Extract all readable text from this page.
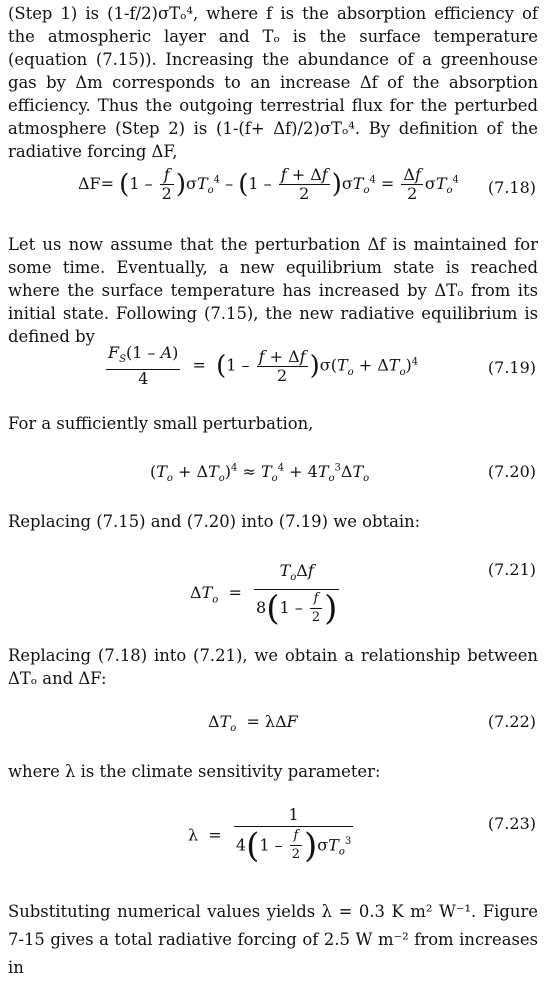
(Step 1) is (1-f/2)σTₒ⁴, where f is the absorption efficiency of the atmospheric layer and Tₒ is the surface temperature (equation (7.15)). Increasing the abundance of a greenhouse gas by Δm corresponds to an increase Δf of the absorption efficiency. Thus the outgoing terrestrial flux for the perturbed atmosphere (Step 2) is (1-(f+ Δf)/2)σTₒ⁴. By definition of the radiative forcing ΔF,

$\Delta F= (1 - \frac{f}{2} )\sigma T_o^4 - (1 - \frac{f + \Delta f}{2} )\sigma T_o^4 = \frac{\Delta f}{2} \sigma T_o^4$ (7.18)

Let us now assume that the perturbation Δf is maintained for some time. Eventually, a new equilibrium state is reached where the surface temperature has increased by ΔTₒ from its initial state. Following (7.15), the new radiative equilibrium is defined by

$\frac{F_S(1 - A)}{4} = (1 - \frac{f + \Delta f}{2} )\sigma(T_o + \Delta T_o)^4$	(7.19)

For a sufficiently small perturbation,

$(T_o + \Delta T_o)^4 \approx T_o^4 + 4T_o^3\Delta T_o$	(7.20)

Replacing (7.15) and (7.20) into (7.19) we obtain:

$\Delta T_o = \frac{T_o\Delta f}{8(1 - \frac{f}{2} )}$	(7.21)

Replacing (7.18) into (7.21), we obtain a relationship between ΔTₒ and ΔF:

$\Delta T_o = \lambda\Delta F$	(7.22)

where λ is the climate sensitivity parameter:

$\lambda = \frac{1}{4(1 - \frac{f}{2} )\sigma T_o^3}$	(7.23)

Substituting numerical values yields λ = 0.3 K m² W⁻¹. Figure 7-15 gives a total radiative forcing of 2.5 W m⁻² from increases in
